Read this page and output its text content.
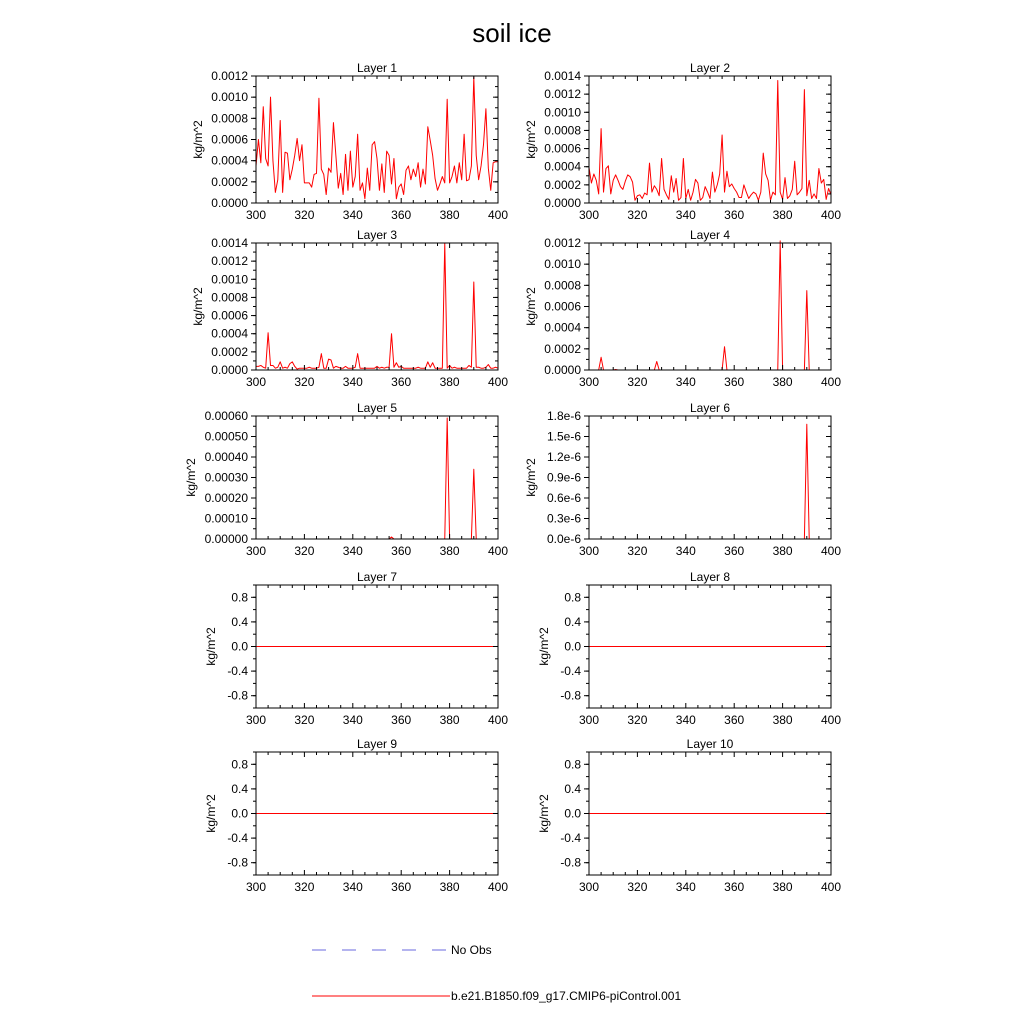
soil ice
Layer 1
300 320 340 360 380 400
0.0000
0.0002
0.0004
0.0006
0.0008
0.0010
0.0012
kg/m^2
Layer 2
300 320 340 360 380 400
0.0000
0.0002
0.0004
0.0006
0.0008
0.0010
0.0012
0.0014
kg/m^2
Layer 3
300 320 340 360 380 400
0.0000
0.0002
0.0004
0.0006
0.0008
0.0010
0.0012
0.0014
kg/m^2
Layer 4
300 320 340 360 380 400
0.0000
0.0002
0.0004
0.0006
0.0008
0.0010
0.0012
kg/m^2
Layer 5
300 320 340 360 380 400
0.00000
0.00010
0.00020
0.00030
0.00040
0.00050
0.00060
kg/m^2
Layer 6
300 320 340 360 380 400
0.0e-6
0.3e-6
0.6e-6
0.9e-6
1.2e-6
1.5e-6
1.8e-6
kg/m^2
Layer 7
300 320 340 360 380 400
-0.8
-0.4
0.0
0.4
0.8
kg/m^2
Layer 8
300 320 340 360 380 400
-0.8
-0.4
0.0
0.4
0.8
kg/m^2
Layer 9
300 320 340 360 380 400
-0.8
-0.4
0.0
0.4
0.8
kg/m^2
Layer 10
300 320 340 360 380 400
-0.8
-0.4
0.0
0.4
0.8
kg/m^2
No Obs
b.e21.B1850.f09_g17.CMIP6-piControl.001
